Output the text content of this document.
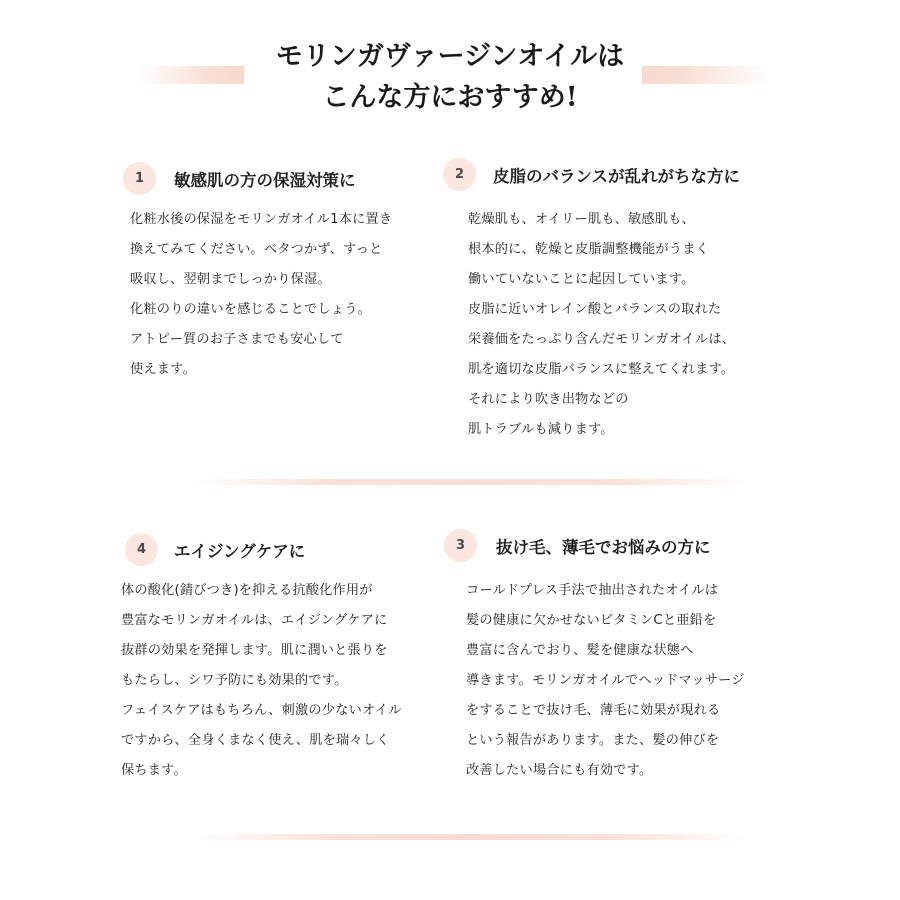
モリンガヴァージンオイルは
こんな方におすすめ!
1	敏感肌の方の保湿対策に
化粧水後の保湿をモリンガオイル1本に置き
換えてみてください。ベタつかず、すっと
吸収し、翌朝までしっかり保湿。
化粧のりの違いを感じることでしょう。
アトピー質のお子さまでも安心して
使えます。
2	皮脂のバランスが乱れがちな方に
乾燥肌も、オイリー肌も、敏感肌も、
根本的に、乾燥と皮脂調整機能がうまく
働いていないことに起因しています。
皮脂に近いオレイン酸とバランスの取れた
栄養価をたっぷり含んだモリンガオイルは、
肌を適切な皮脂バランスに整えてくれます。
それにより吹き出物などの
肌トラブルも減ります。
4	エイジングケアに
体の酸化(錆びつき)を抑える抗酸化作用が
豊富なモリンガオイルは、エイジングケアに
抜群の効果を発揮します。肌に潤いと張りを
もたらし、シワ予防にも効果的です。
フェイスケアはもちろん、刺激の少ないオイル
ですから、全身くまなく使え、肌を瑞々しく
保ちます。
3	抜け毛、薄毛でお悩みの方に
コールドプレス手法で抽出されたオイルは
髪の健康に欠かせないビタミンCと亜鉛を
豊富に含んでおり、髪を健康な状態へ
導きます。モリンガオイルでヘッドマッサージ
をすることで抜け毛、薄毛に効果が現れる
という報告があります。また、髪の伸びを
改善したい場合にも有効です。
